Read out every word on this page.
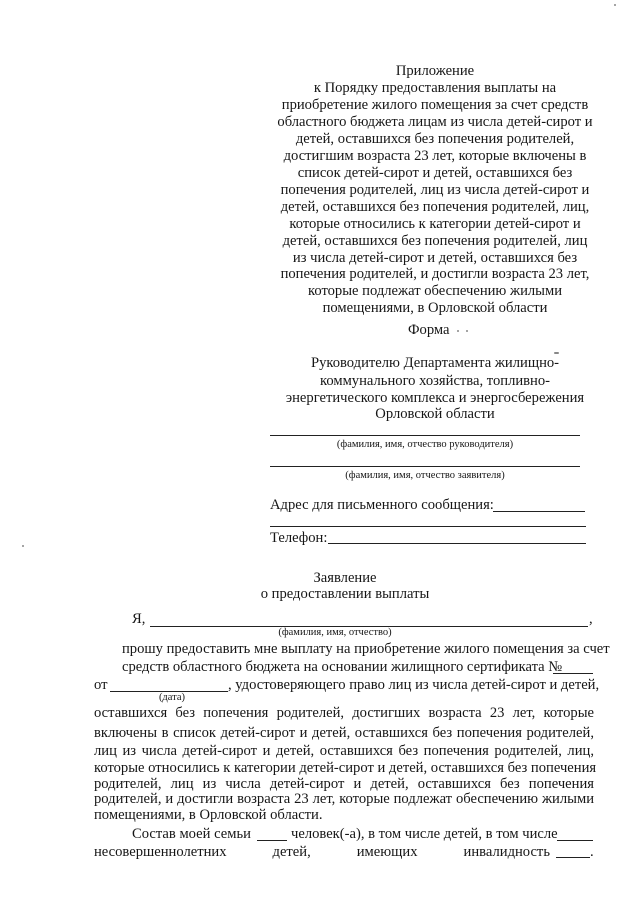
Приложение
к Порядку предоставления выплаты на
приобретение жилого помещения за счет средств
областного бюджета лицам из числа детей-сирот и
детей, оставшихся без попечения родителей,
достигшим возраста 23 лет, которые включены в
список детей-сирот и детей, оставшихся без
попечения родителей, лиц из числа детей-сирот и
детей, оставшихся без попечения родителей, лиц,
которые относились к категории детей-сирот и
детей, оставшихся без попечения родителей, лиц
из числа детей-сирот и детей, оставшихся без
попечения родителей, и достигли возраста 23 лет,
которые подлежат обеспечению жилыми
помещениями, в Орловской области
Форма
Руководителю Департамента жилищно-
коммунального хозяйства, топливно-
энергетического комплекса и энергосбережения
Орловской области
(фамилия, имя, отчество руководителя)
(фамилия, имя, отчество заявителя)
Адрес для письменного сообщения:
Телефон:
Заявление
о предоставлении выплаты
Я,	,
(фамилия, имя, отчество)
прошу предоставить мне выплату на приобретение жилого помещения за счет
средств областного бюджета на основании жилищного сертификата №
от	, удостоверяющего право лиц из числа детей-сирот и детей,
(дата)
оставшихся без попечения родителей, достигших возраста 23 лет, которые
включены в список детей-сирот и детей, оставшихся без попечения родителей,
лиц из числа детей-сирот и детей, оставшихся без попечения родителей, лиц,
которые относились к категории детей-сирот и детей, оставшихся без попечения
родителей, лиц из числа детей-сирот и детей, оставшихся без попечения
родителей, и достигли возраста 23 лет, которые подлежат обеспечению жилыми
помещениями, в Орловской области.
Состав моей семьи	человек(-а), в том числе детей, в том числе
несовершеннолетних	детей,	имеющих	инвалидность	.
